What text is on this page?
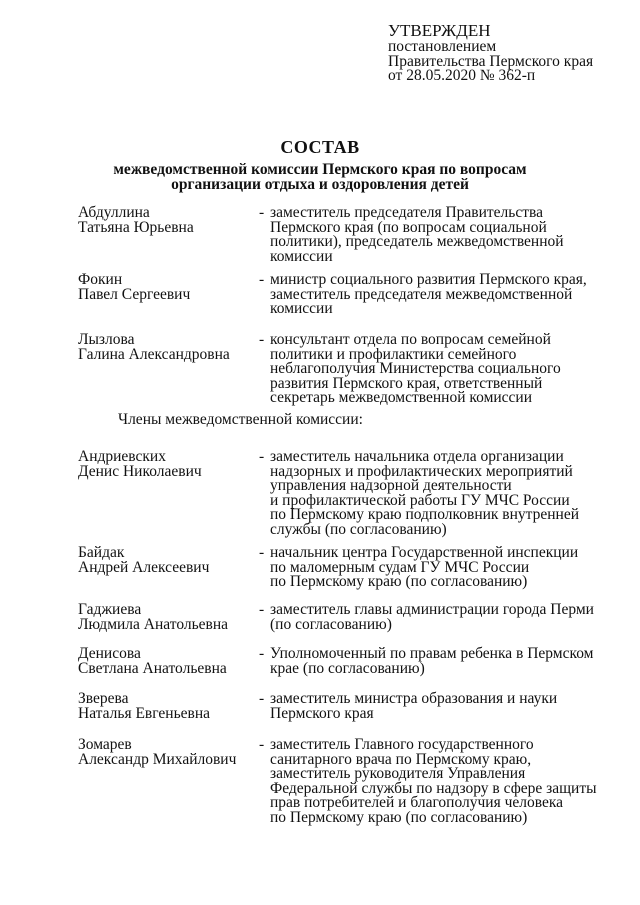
УТВЕРЖДЕН
постановлением
Правительства Пермского края
от 28.05.2020 № 362-п
СОСТАВ
межведомственной комиссии Пермского края по вопросам
организации отдыха и оздоровления детей
Абдуллина
Татьяна Юрьевна
- заместитель председателя Правительства
Пермского края (по вопросам социальной
политики), председатель межведомственной
комиссии
Фокин
Павел Сергеевич
- министр социального развития Пермского края,
заместитель председателя межведомственной
комиссии
Лызлова
Галина Александровна
- консультант отдела по вопросам семейной
политики и профилактики семейного
неблагополучия Министерства социального
развития Пермского края, ответственный
секретарь межведомственной комиссии
Члены межведомственной комиссии:
Андриевских
Денис Николаевич
- заместитель начальника отдела организации
надзорных и профилактических мероприятий
управления надзорной деятельности
и профилактической работы ГУ МЧС России
по Пермскому краю подполковник внутренней
службы (по согласованию)
Байдак
Андрей Алексеевич
- начальник центра Государственной инспекции
по маломерным судам ГУ МЧС России
по Пермскому краю (по согласованию)
Гаджиева
Людмила Анатольевна
- заместитель главы администрации города Перми
(по согласованию)
Денисова
Светлана Анатольевна
- Уполномоченный по правам ребенка в Пермском
крае (по согласованию)
Зверева
Наталья Евгеньевна
- заместитель министра образования и науки
Пермского края
Зомарев
Александр Михайлович
- заместитель Главного государственного
санитарного врача по Пермскому краю,
заместитель руководителя Управления
Федеральной службы по надзору в сфере защиты
прав потребителей и благополучия человека
по Пермскому краю (по согласованию)
